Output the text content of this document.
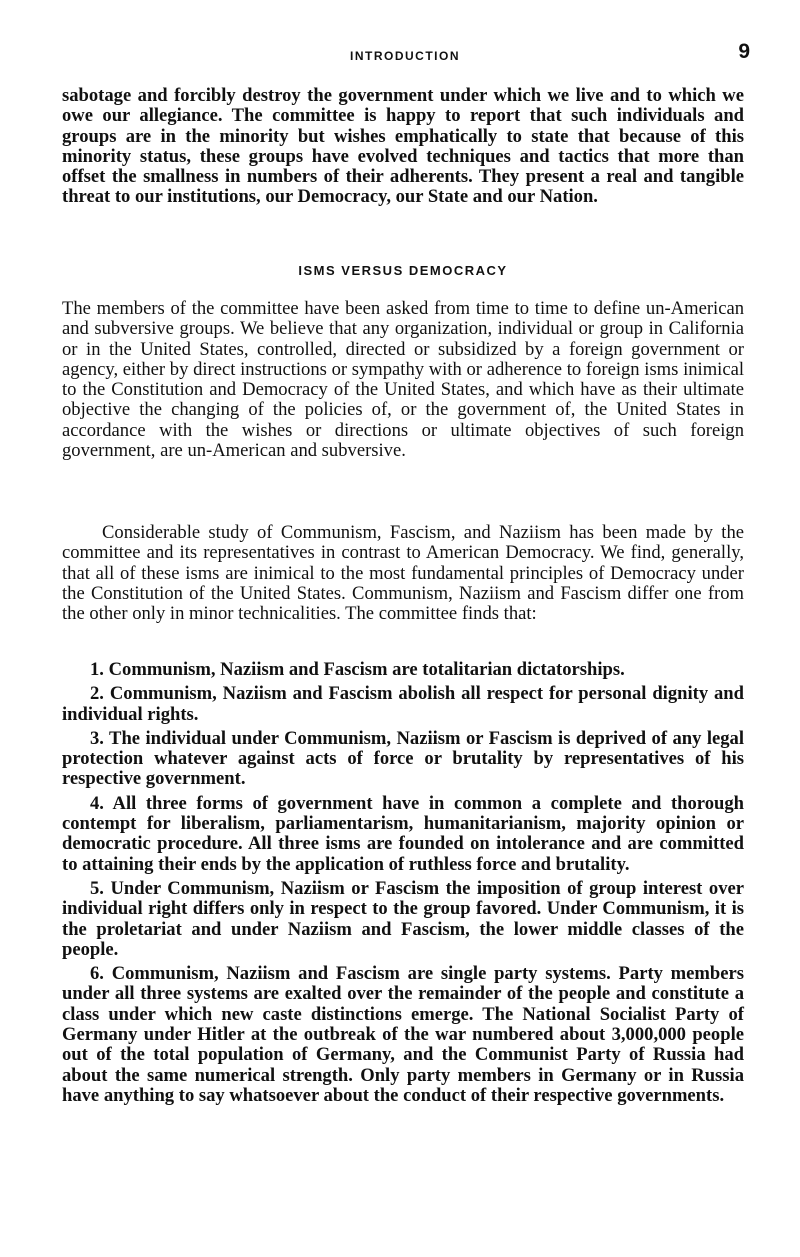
INTRODUCTION	9

sabotage and forcibly destroy the government under which we live and to which we owe our allegiance. The committee is happy to report that such individuals and groups are in the minority but wishes emphatically to state that because of this minority status, these groups have evolved techniques and tactics that more than offset the smallness in numbers of their adherents. They present a real and tangible threat to our institutions, our Democracy, our State and our Nation.

ISMS VERSUS DEMOCRACY

The members of the committee have been asked from time to time to define un-American and subversive groups. We believe that any organization, individual or group in California or in the United States, controlled, directed or subsidized by a foreign government or agency, either by direct instructions or sympathy with or adherence to foreign isms inimical to the Constitution and Democracy of the United States, and which have as their ultimate objective the changing of the policies of, or the government of, the United States in accordance with the wishes or directions or ultimate objectives of such foreign government, are un-American and subversive.

Considerable study of Communism, Fascism, and Naziism has been made by the committee and its representatives in contrast to American Democracy. We find, generally, that all of these isms are inimical to the most fundamental principles of Democracy under the Constitution of the United States. Communism, Naziism and Fascism differ one from the other only in minor technicalities. The committee finds that:

1. Communism, Naziism and Fascism are totalitarian dictatorships.

2. Communism, Naziism and Fascism abolish all respect for personal dignity and individual rights.

3. The individual under Communism, Naziism or Fascism is deprived of any legal protection whatever against acts of force or brutality by representatives of his respective government.

4. All three forms of government have in common a complete and thorough contempt for liberalism, parliamentarism, humanitarianism, majority opinion or democratic procedure. All three isms are founded on intolerance and are committed to attaining their ends by the application of ruthless force and brutality.

5. Under Communism, Naziism or Fascism the imposition of group interest over individual right differs only in respect to the group favored. Under Communism, it is the proletariat and under Naziism and Fascism, the lower middle classes of the people.

6. Communism, Naziism and Fascism are single party systems. Party members under all three systems are exalted over the remainder of the people and constitute a class under which new caste distinctions emerge. The National Socialist Party of Germany under Hitler at the outbreak of the war numbered about 3,000,000 people out of the total population of Germany, and the Communist Party of Russia had about the same numerical strength. Only party members in Germany or in Russia have anything to say whatsoever about the conduct of their respective governments.
